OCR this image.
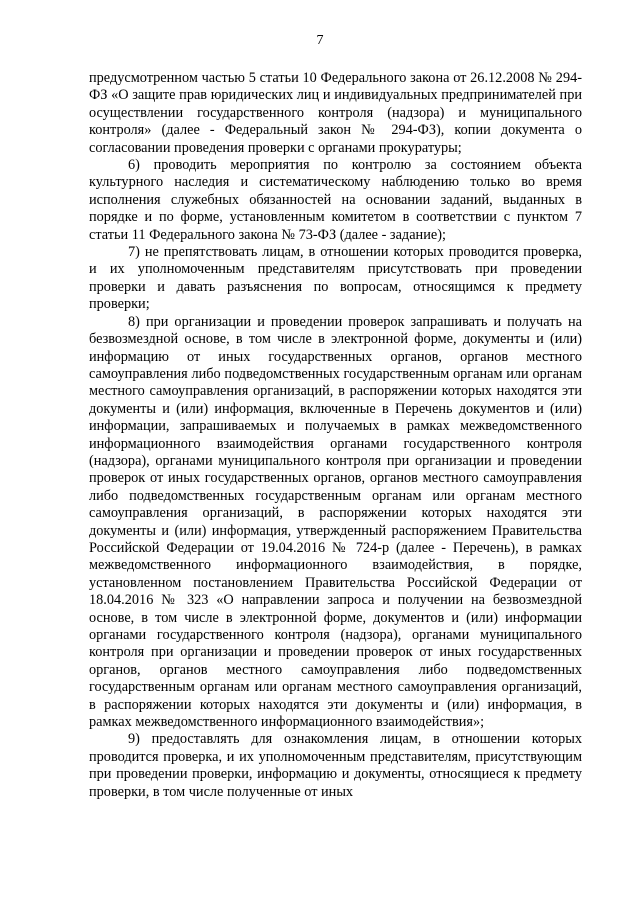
7

предусмотренном частью 5 статьи 10 Федерального закона от 26.12.2008 № 294-ФЗ «О защите прав юридических лиц и индивидуальных предпринимателей при осуществлении государственного контроля (надзора) и муниципального контроля» (далее - Федеральный закон № 294-ФЗ), копии документа о согласовании проведения проверки с органами прокуратуры;

6) проводить мероприятия по контролю за состоянием объекта культурного наследия и систематическому наблюдению только во время исполнения служебных обязанностей на основании заданий, выданных в порядке и по форме, установленным комитетом в соответствии с пунктом 7 статьи 11 Федерального закона № 73-ФЗ (далее - задание);

7) не препятствовать лицам, в отношении которых проводится проверка, и их уполномоченным представителям присутствовать при проведении проверки и давать разъяснения по вопросам, относящимся к предмету проверки;

8) при организации и проведении проверок запрашивать и получать на безвозмездной основе, в том числе в электронной форме, документы и (или) информацию от иных государственных органов, органов местного самоуправления либо подведомственных государственным органам или органам местного самоуправления организаций, в распоряжении которых находятся эти документы и (или) информация, включенные в Перечень документов и (или) информации, запрашиваемых и получаемых в рамках межведомственного информационного взаимодействия органами государственного контроля (надзора), органами муниципального контроля при организации и проведении проверок от иных государственных органов, органов местного самоуправления либо подведомственных государственным органам или органам местного самоуправления организаций, в распоряжении которых находятся эти документы и (или) информация, утвержденный распоряжением Правительства Российской Федерации от 19.04.2016 № 724-р (далее - Перечень), в рамках межведомственного информационного взаимодействия, в порядке, установленном постановлением Правительства Российской Федерации от 18.04.2016 № 323 «О направлении запроса и получении на безвозмездной основе, в том числе в электронной форме, документов и (или) информации органами государственного контроля (надзора), органами муниципального контроля при организации и проведении проверок от иных государственных органов, органов местного самоуправления либо подведомственных государственным органам или органам местного самоуправления организаций, в распоряжении которых находятся эти документы и (или) информация, в рамках межведомственного информационного взаимодействия»;

9) предоставлять для ознакомления лицам, в отношении которых проводится проверка, и их уполномоченным представителям, присутствующим при проведении проверки, информацию и документы, относящиеся к предмету проверки, в том числе полученные от иных
